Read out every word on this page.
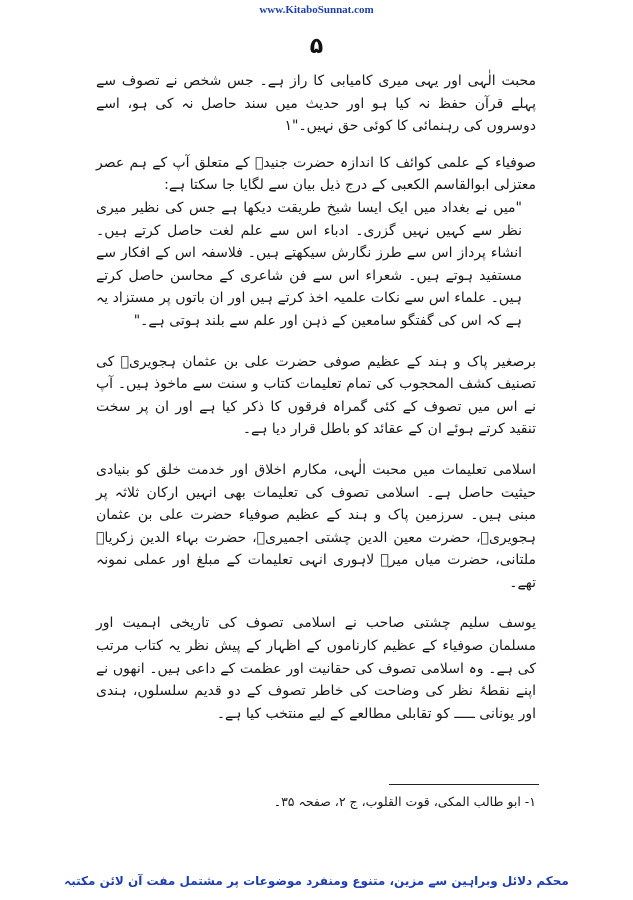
www.KitaboSunnat.com
۵

محبت الٰہی اور یہی میری کامیابی کا راز ہے۔ جس شخص نے تصوف سے پہلے قرآن حفظ نہ کیا ہو اور حدیث میں سند حاصل نہ کی ہو، اسے دوسروں کی رہنمائی کا کوئی حق نہیں۔"۱

صوفیاء کے علمی کوائف کا اندازہ حضرت جنیدؒ کے متعلق آپ کے ہم عصر معتزلی ابوالقاسم الکعبی کے درج ذیل بیان سے لگایا جا سکتا ہے:

"میں نے بغداد میں ایک ایسا شیخ طریقت دیکھا ہے جس کی نظیر میری نظر سے کہیں نہیں گزری۔ ادباء اس سے علم لغت حاصل کرتے ہیں۔ انشاء پرداز اس سے طرز نگارش سیکھتے ہیں۔ فلاسفہ اس کے افکار سے مستفید ہوتے ہیں۔ شعراء اس سے فن شاعری کے محاسن حاصل کرتے ہیں۔ علماء اس سے نکات علمیہ اخذ کرتے ہیں اور ان باتوں پر مستزاد یہ ہے کہ اس کی گفتگو سامعین کے ذہن اور علم سے بلند ہوتی ہے۔"

برصغیر پاک و ہند کے عظیم صوفی حضرت علی بن عثمان ہجویریؒ کی تصنیف کشف المحجوب کی تمام تعلیمات کتاب و سنت سے ماخوذ ہیں۔ آپ نے اس میں تصوف کے کئی گمراہ فرقوں کا ذکر کیا ہے اور ان پر سخت تنقید کرتے ہوئے ان کے عقائد کو باطل قرار دیا ہے۔

اسلامی تعلیمات میں محبت الٰہی، مکارم اخلاق اور خدمت خلق کو بنیادی حیثیت حاصل ہے۔ اسلامی تصوف کی تعلیمات بھی انہیں ارکان ثلاثہ پر مبنی ہیں۔ سرزمین پاک و ہند کے عظیم صوفیاء حضرت علی بن عثمان ہجویریؒ، حضرت معین الدین چشتی اجمیریؒ، حضرت بہاء الدین زکریاؒ ملتانی، حضرت میاں میرؒ لاہوری انہی تعلیمات کے مبلغ اور عملی نمونہ تھے۔

یوسف سلیم چشتی صاحب نے اسلامی تصوف کی تاریخی اہمیت اور مسلمان صوفیاء کے عظیم کارناموں کے اظہار کے پیش نظر یہ کتاب مرتب کی ہے۔ وہ اسلامی تصوف کی حقانیت اور عظمت کے داعی ہیں۔ انھوں نے اپنے نقطۂ نظر کی وضاحت کی خاطر تصوف کے دو قدیم سلسلوں، ہندی اور یونانی ـــــ کو تقابلی مطالعے کے لیے منتخب کیا ہے۔

۱- ابو طالب المکی، قوت القلوب، ج ۲، صفحہ ۳۵۔
محکم دلائل وبراہین سے مزین، متنوع ومنفرد موضوعات پر مشتمل مفت آن لائن مکتبہ
